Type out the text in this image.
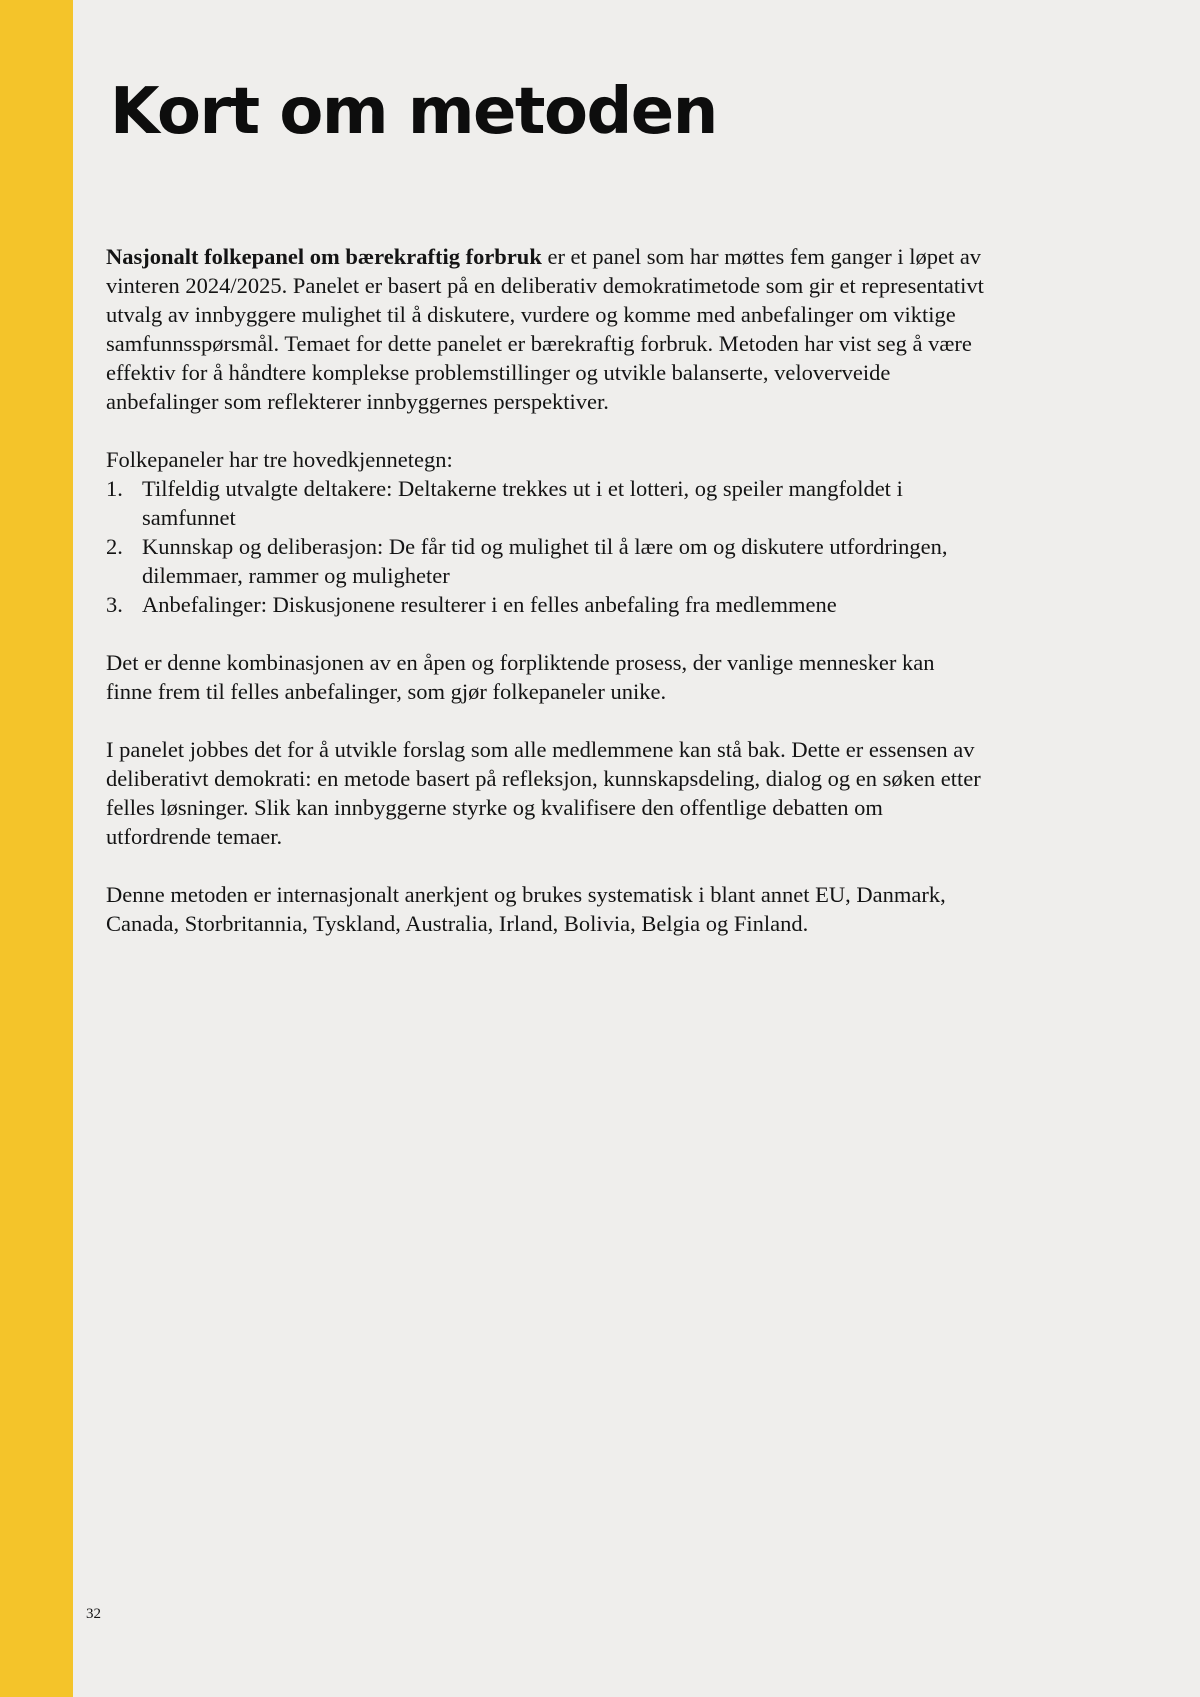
Kort om metoden

Nasjonalt folkepanel om bærekraftig forbruk er et panel som har møttes fem ganger i løpet av vinteren 2024/2025. Panelet er basert på en deliberativ demokratimetode som gir et representativt utvalg av innbyggere mulighet til å diskutere, vurdere og komme med anbefalinger om viktige samfunnsspørsmål. Temaet for dette panelet er bærekraftig forbruk. Metoden har vist seg å være effektiv for å håndtere komplekse problemstillinger og utvikle balanserte, veloverveide anbefalinger som reflekterer innbyggernes perspektiver.

Folkepaneler har tre hovedkjennetegn:

1. Tilfeldig utvalgte deltakere: Deltakerne trekkes ut i et lotteri, og speiler mangfoldet i samfunnet
2. Kunnskap og deliberasjon: De får tid og mulighet til å lære om og diskutere utfordringen, dilemmaer, rammer og muligheter
3. Anbefalinger: Diskusjonene resulterer i en felles anbefaling fra medlemmene

Det er denne kombinasjonen av en åpen og forpliktende prosess, der vanlige mennesker kan finne frem til felles anbefalinger, som gjør folkepaneler unike.

I panelet jobbes det for å utvikle forslag som alle medlemmene kan stå bak. Dette er essensen av deliberativt demokrati: en metode basert på refleksjon, kunnskapsdeling, dialog og en søken etter felles løsninger. Slik kan innbyggerne styrke og kvalifisere den offentlige debatten om utfordrende temaer.

Denne metoden er internasjonalt anerkjent og brukes systematisk i blant annet EU, Danmark, Canada, Storbritannia, Tyskland, Australia, Irland, Bolivia, Belgia og Finland.

32
